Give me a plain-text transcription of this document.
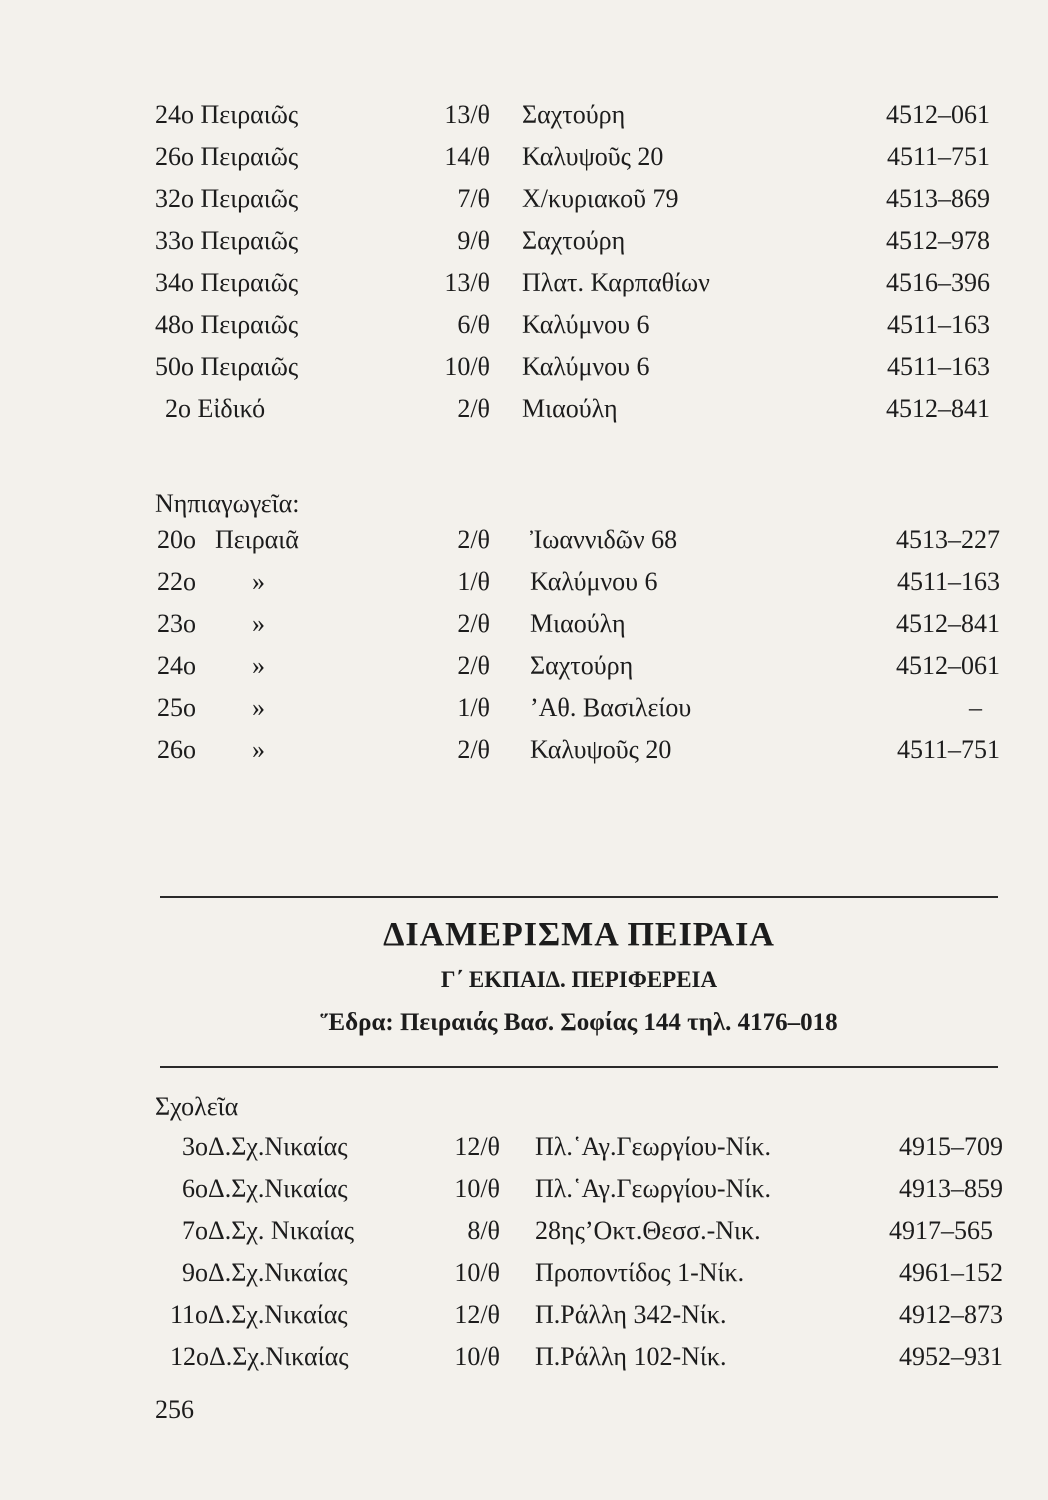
24ο Πειραιῶς	13/θ Σαχτούρη	4512–061
26ο Πειραιῶς	14/θ Καλυψοῦς 20	4511–751
32ο Πειραιῶς	7/θ Χ/κυριακοῦ 79	4513–869
33ο Πειραιῶς	9/θ Σαχτούρη	4512–978
34ο Πειραιῶς	13/θ Πλατ. Καρπαθίων	4516–396
48ο Πειραιῶς	6/θ Καλύμνου 6	4511–163
50ο Πειραιῶς	10/θ Καλύμνου 6	4511–163
2ο Εἰδικό	2/θ Μιαούλη	4512–841
Νηπιαγωγεῖα:
20ο Πειραιᾶ	2/θ Ἰωαννιδῶν 68	4513–227
22ο »	1/θ Καλύμνου 6	4511–163
23ο »	2/θ Μιαούλη	4512–841
24ο »	2/θ Σαχτούρη	4512–061
25ο »	1/θ ’Αθ. Βασιλείου	–
26ο »	2/θ Καλυψοῦς 20	4511–751
ΔΙΑΜΕΡΙΣΜΑ ΠΕΙΡΑΙΑ
Γ΄ ΕΚΠΑΙΔ. ΠΕΡΙΦΕΡΕΙΑ
Ἕδρα: Πειραιάς Βασ. Σοφίας 144 τηλ. 4176–018
Σχολεῖα
3οΔ.Σχ.Νικαίας	12/θ Πλ.῾Αγ.Γεωργίου-Νίκ.	4915–709
6οΔ.Σχ.Νικαίας	10/θ Πλ.῾Αγ.Γεωργίου-Νίκ.	4913–859
7οΔ.Σχ. Νικαίας	8/θ 28ης’Οκτ.Θεσσ.-Νικ.	4917–565
9οΔ.Σχ.Νικαίας	10/θ Προποντίδος 1-Νίκ.	4961–152
11οΔ.Σχ.Νικαίας	12/θ Π.Ράλλη 342-Νίκ.	4912–873
12οΔ.Σχ.Νικαίας	10/θ Π.Ράλλη 102-Νίκ.	4952–931
256
